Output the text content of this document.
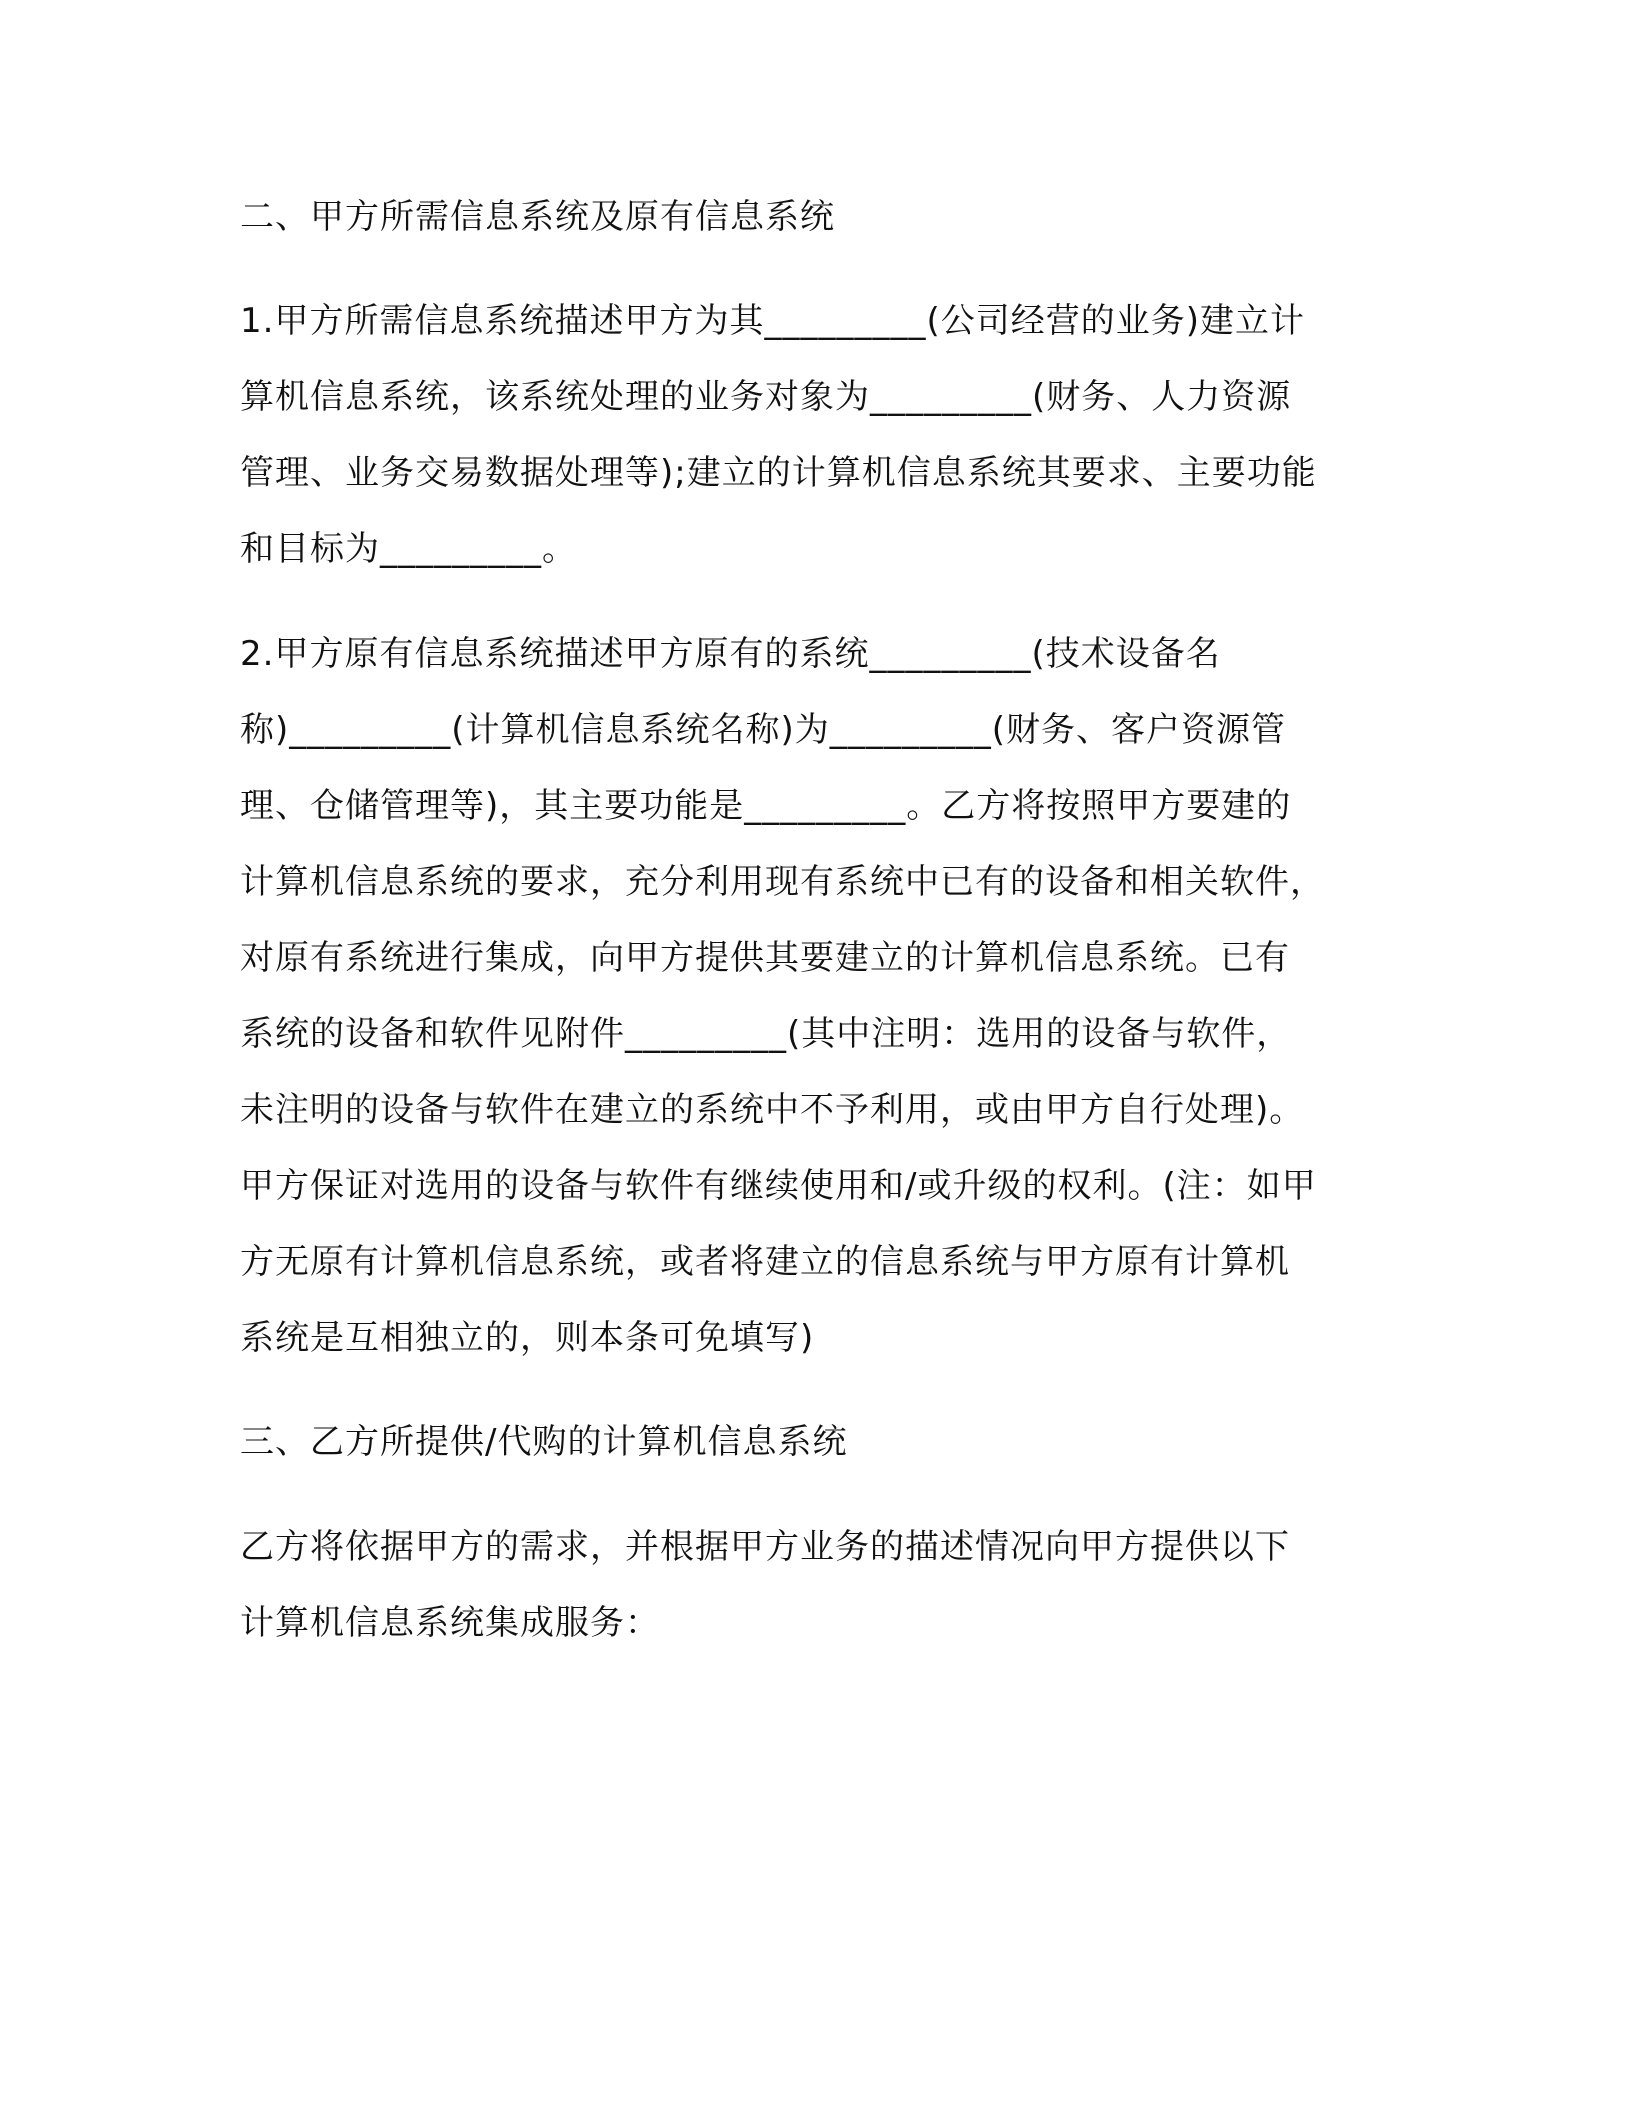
二、甲方所需信息系统及原有信息系统
1.甲方所需信息系统描述甲方为其_________(公司经营的业务)建立计
算机信息系统，该系统处理的业务对象为_________(财务、人力资源
管理、业务交易数据处理等);建立的计算机信息系统其要求、主要功能
和目标为_________。
2.甲方原有信息系统描述甲方原有的系统_________(技术设备名
称)_________(计算机信息系统名称)为_________(财务、客户资源管
理、仓储管理等)，其主要功能是_________。乙方将按照甲方要建的
计算机信息系统的要求，充分利用现有系统中已有的设备和相关软件，
对原有系统进行集成，向甲方提供其要建立的计算机信息系统。已有
系统的设备和软件见附件_________(其中注明：选用的设备与软件，
未注明的设备与软件在建立的系统中不予利用，或由甲方自行处理)。
甲方保证对选用的设备与软件有继续使用和/或升级的权利。(注：如甲
方无原有计算机信息系统，或者将建立的信息系统与甲方原有计算机
系统是互相独立的，则本条可免填写)
三、乙方所提供/代购的计算机信息系统
乙方将依据甲方的需求，并根据甲方业务的描述情况向甲方提供以下
计算机信息系统集成服务：
